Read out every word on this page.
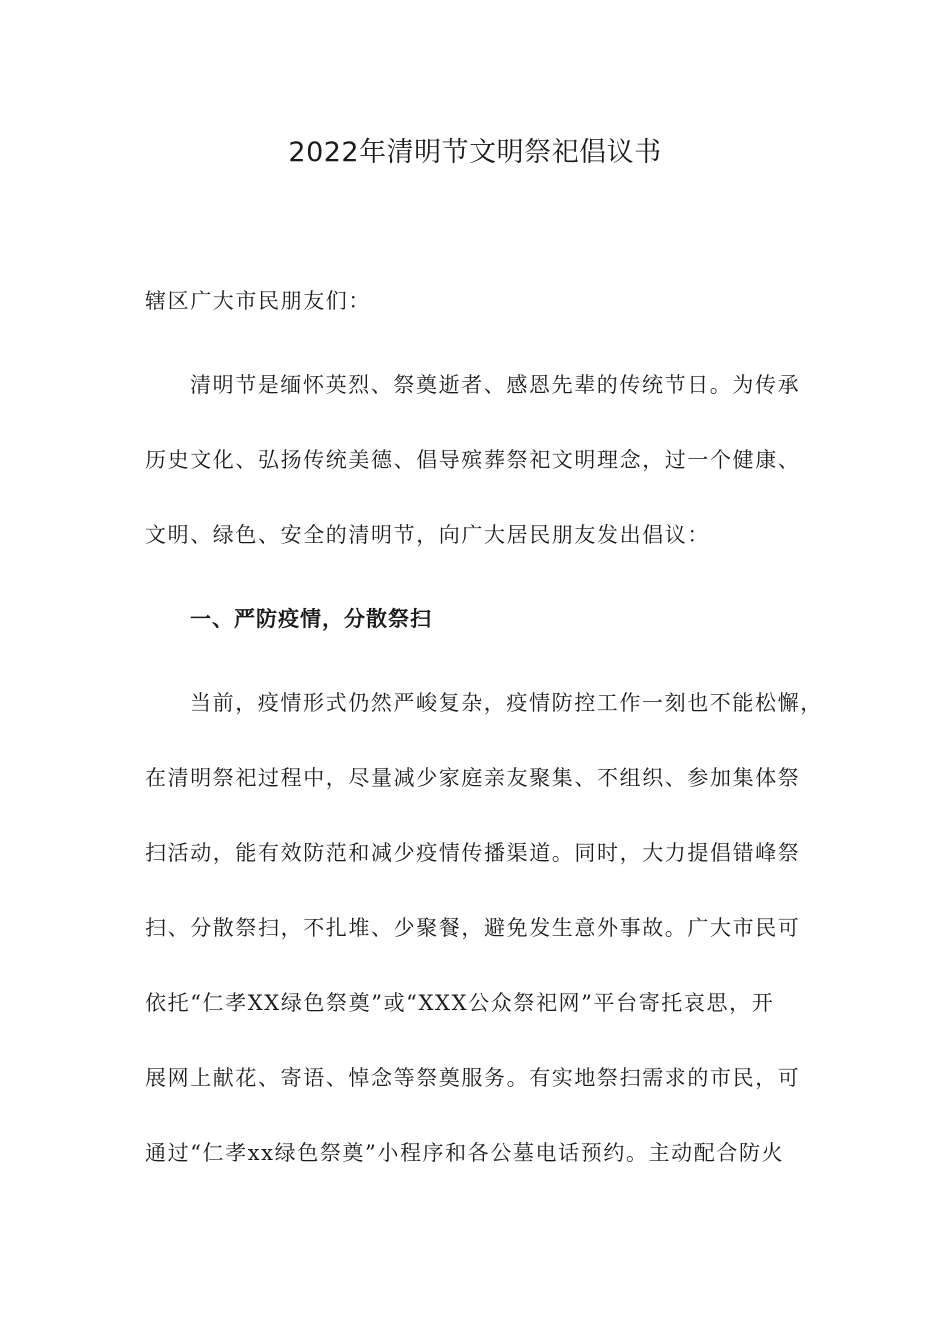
2022年清明节文明祭祀倡议书
辖区广大市民朋友们：
清明节是缅怀英烈、祭奠逝者、感恩先辈的传统节日。为传承
历史文化、弘扬传统美德、倡导殡葬祭祀文明理念，过一个健康、
文明、绿色、安全的清明节，向广大居民朋友发出倡议：
一、严防疫情，分散祭扫
当前，疫情形式仍然严峻复杂，疫情防控工作一刻也不能松懈，
在清明祭祀过程中，尽量减少家庭亲友聚集、不组织、参加集体祭
扫活动，能有效防范和减少疫情传播渠道。同时，大力提倡错峰祭
扫、分散祭扫，不扎堆、少聚餐，避免发生意外事故。广大市民可
依托“仁孝XX绿色祭奠”或“XXX公众祭祀网”平台寄托哀思，开
展网上献花、寄语、悼念等祭奠服务。有实地祭扫需求的市民，可
通过“仁孝xx绿色祭奠”小程序和各公墓电话预约。主动配合防火
